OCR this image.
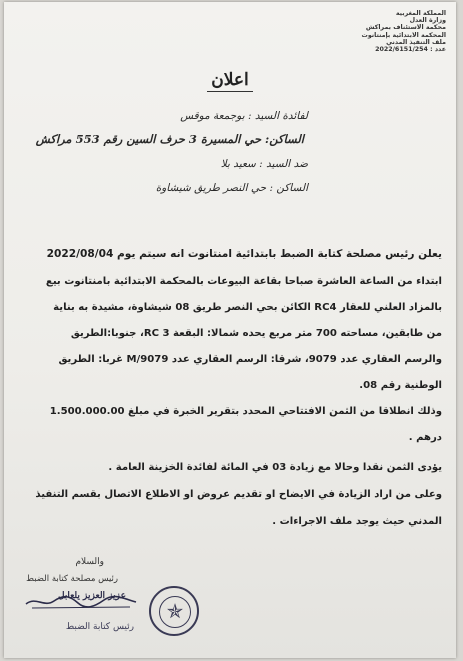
المملكة المغربية
وزارة العدل
محكمة الاستئناف بمراكش
المحكمة الابتدائية بإمنتانوت
ملف التنفيذ المدني
عدد : 2022/6151/254
اعلان
لفائدة السيد : بوجمعة موقس
الساكن: حي المسيرة 3 حرف السين رقم 553 مراكش
ضد السيد : سعيد بلا
الساكن : حي النصر طريق شيشاوة
يعلن رئيس مصلحة كتابة الضبط بابتدائية امنتانوت انه سيتم يوم 2022/08/04
ابتداء من الساعة العاشرة صباحا بقاعة البيوعات بالمحكمة الابتدائية بامنتانوت بيع
بالمزاد العلني للعقار RC4 الكائن بحي النصر طريق 08 شيشاوة، مشيدة به بناية
من طابقين، مساحته 700 متر مربع يحده شمالا: البقعة RC 3، جنوبا:الطريق
والرسم العقاري عدد 9079، شرقا: الرسم العقاري عدد M/9079 غربا: الطريق
الوطنية رقم 08.
وذلك انطلاقا من الثمن الافتتاحي المحدد بتقرير الخبرة في مبلغ 1.500.000.00
درهم .
يؤدى الثمن نقدا وحالا مع زيادة 03 في المائة لفائدة الخزينة العامة .
وعلى من اراد الزيادة في الايضاح او تقديم عروض او الاطلاع الاتصال بقسم التنفيذ
المدني حيث يوجد ملف الاجراءات .
والسلام
رئيس مصلحة كتابة الضبط
عزيز العزيز يلعابل
رئيس كتابة الضبط
✯
